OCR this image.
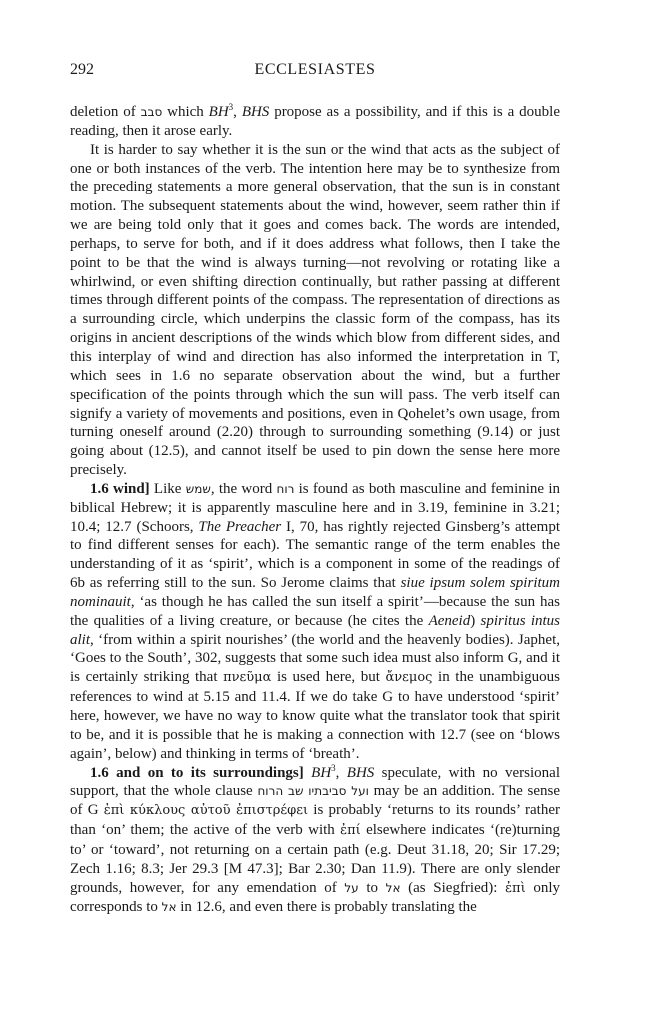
292	ECCLESIASTES

deletion of סבב which $BH^3$, BHS propose as a possibility, and if this is a double reading, then it arose early.

It is harder to say whether it is the sun or the wind that acts as the subject of one or both instances of the verb. The intention here may be to synthesize from the preceding statements a more general observation, that the sun is in constant motion. The subsequent statements about the wind, however, seem rather thin if we are being told only that it goes and comes back. The words are intended, perhaps, to serve for both, and if it does address what follows, then I take the point to be that the wind is always turning—not revolving or rotating like a whirlwind, or even shifting direction continually, but rather passing at different times through different points of the compass. The representation of directions as a surrounding circle, which underpins the classic form of the compass, has its origins in ancient descriptions of the winds which blow from different sides, and this interplay of wind and direction has also informed the interpretation in T, which sees in 1.6 no separate observation about the wind, but a further specification of the points through which the sun will pass. The verb itself can signify a variety of movements and positions, even in Qohelet’s own usage, from turning oneself around (2.20) through to surrounding something (9.14) or just going about (12.5), and cannot itself be used to pin down the sense here more precisely.

1.6 wind] Like שמש, the word רוח is found as both masculine and feminine in biblical Hebrew; it is apparently masculine here and in 3.19, feminine in 3.21; 10.4; 12.7 (Schoors, The Preacher I, 70, has rightly rejected Ginsberg’s attempt to find different senses for each). The semantic range of the term enables the understanding of it as ‘spirit’, which is a component in some of the readings of 6b as referring still to the sun. So Jerome claims that siue ipsum solem spiritum nominauit, ‘as though he has called the sun itself a spirit’—because the sun has the qualities of a living creature, or because (he cites the Aeneid) spiritus intus alit, ‘from within a spirit nourishes’ (the world and the heavenly bodies). Japhet, ‘Goes to the South’, 302, suggests that some such idea must also inform G, and it is certainly striking that πνεῦμα is used here, but ἄνεμος in the unambiguous references to wind at 5.15 and 11.4. If we do take G to have understood ‘spirit’ here, however, we have no way to know quite what the translator took that spirit to be, and it is possible that he is making a connection with 12.7 (see on ‘blows again’, below) and thinking in terms of ‘breath’.

1.6 and on to its surroundings] $BH^3$, BHS speculate, with no versional support, that the whole clause ועל סביבתיו שב הרוח may be an addition. The sense of G ἐπὶ κύκλους αὐτοῦ ἐπιστρέφει is probably ‘returns to its rounds’ rather than ‘on’ them; the active of the verb with ἐπί elsewhere indicates ‘(re)turning to’ or ‘toward’, not returning on a certain path (e.g. Deut 31.18, 20; Sir 17.29; Zech 1.16; 8.3; Jer 29.3 [M 47.3]; Bar 2.30; Dan 11.9). There are only slender grounds, however, for any emendation of על to אל (as Siegfried): ἐπὶ only corresponds to אל in 12.6, and even there is probably translating the
